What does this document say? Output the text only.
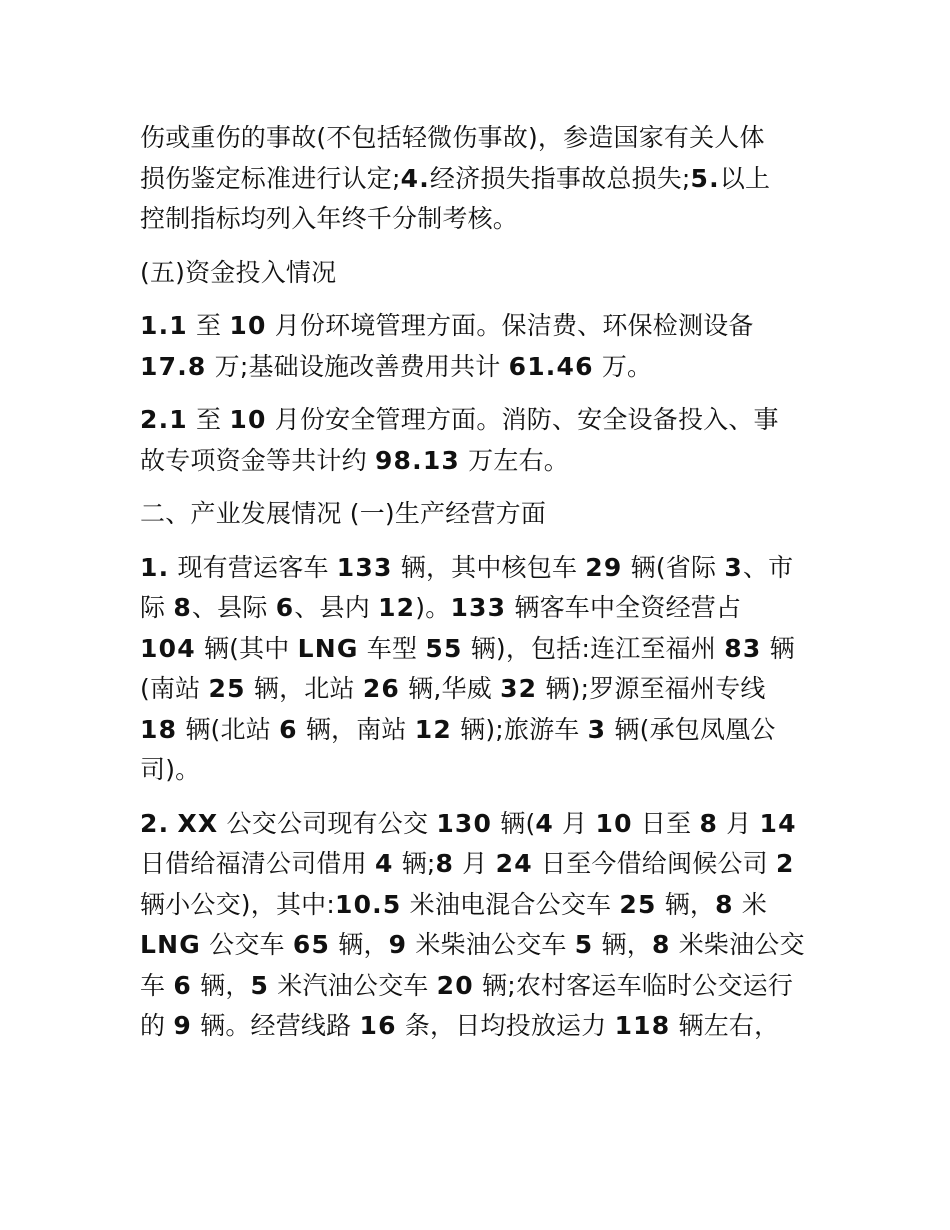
伤或重伤的事故(不包括轻微伤事故)，参造国家有关人体
损伤鉴定标准进行认定;4.经济损失指事故总损失;5.以上
控制指标均列入年终千分制考核。

(五)资金投入情况

1.1 至 10 月份环境管理方面。保洁费、环保检测设备
17.8 万;基础设施改善费用共计 61.46 万。

2.1 至 10 月份安全管理方面。消防、安全设备投入、事
故专项资金等共计约 98.13 万左右。

二、产业发展情况 (一)生产经营方面

1. 现有营运客车 133 辆，其中核包车 29 辆(省际 3、市
际 8、县际 6、县内 12)。133 辆客车中全资经营占
104 辆(其中 LNG 车型 55 辆)，包括:连江至福州 83 辆
(南站 25 辆，北站 26 辆,华威 32 辆);罗源至福州专线
18 辆(北站 6 辆，南站 12 辆);旅游车 3 辆(承包凤凰公
司)。

2. XX 公交公司现有公交 130 辆(4 月 10 日至 8 月 14
日借给福清公司借用 4 辆;8 月 24 日至今借给闽候公司 2
辆小公交)，其中:10.5 米油电混合公交车 25 辆，8 米
LNG 公交车 65 辆，9 米柴油公交车 5 辆，8 米柴油公交
车 6 辆，5 米汽油公交车 20 辆;农村客运车临时公交运行
的 9 辆。经营线路 16 条，日均投放运力 118 辆左右，
